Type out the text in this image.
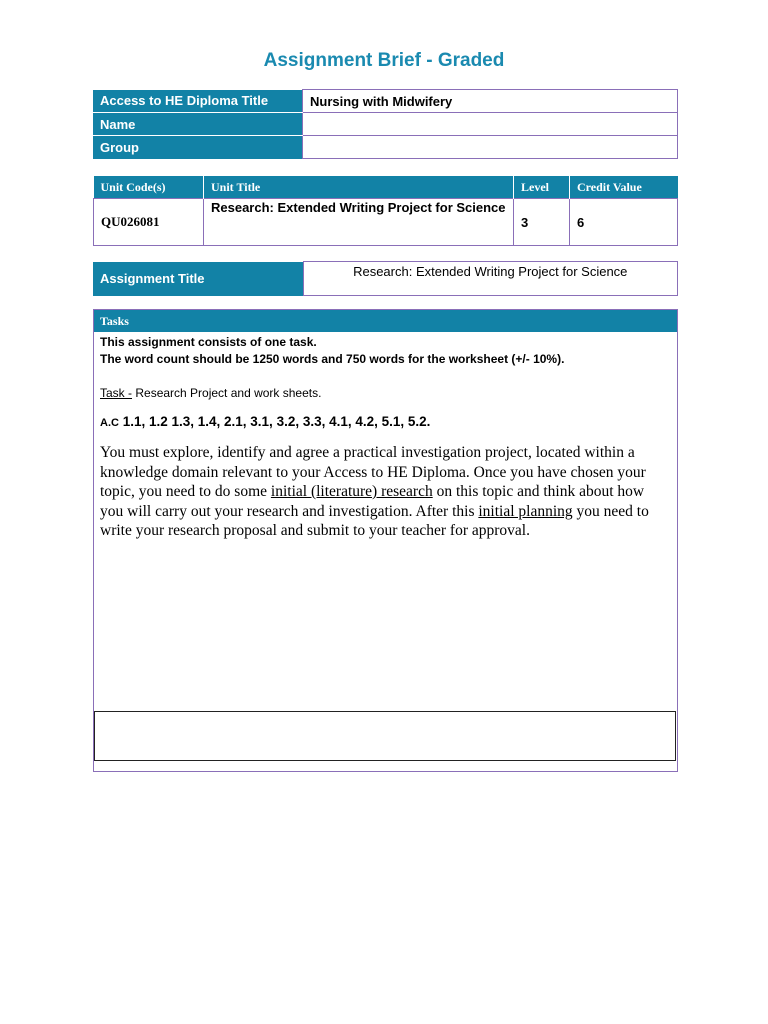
Assignment Brief - Graded
Access to HE Diploma Title	Nursing with Midwifery
Name	
Group	
Unit Code(s)	Unit Title	Level	Credit Value
QU026081	Research: Extended Writing Project for Science	3	6
Assignment Title	Research: Extended Writing Project for Science
Tasks
This assignment consists of one task.
The word count should be 1250 words and 750 words for the worksheet (+/- 10%).
Task - Research Project and work sheets.
A.C 1.1, 1.2 1.3, 1.4, 2.1, 3.1, 3.2, 3.3, 4.1, 4.2, 5.1, 5.2.
You must explore, identify and agree a practical investigation project, located within a knowledge domain relevant to your Access to HE Diploma. Once you have chosen your topic, you need to do some initial (literature) research on this topic and think about how you will carry out your research and investigation. After this initial planning you need to write your research proposal and submit to your teacher for approval.
